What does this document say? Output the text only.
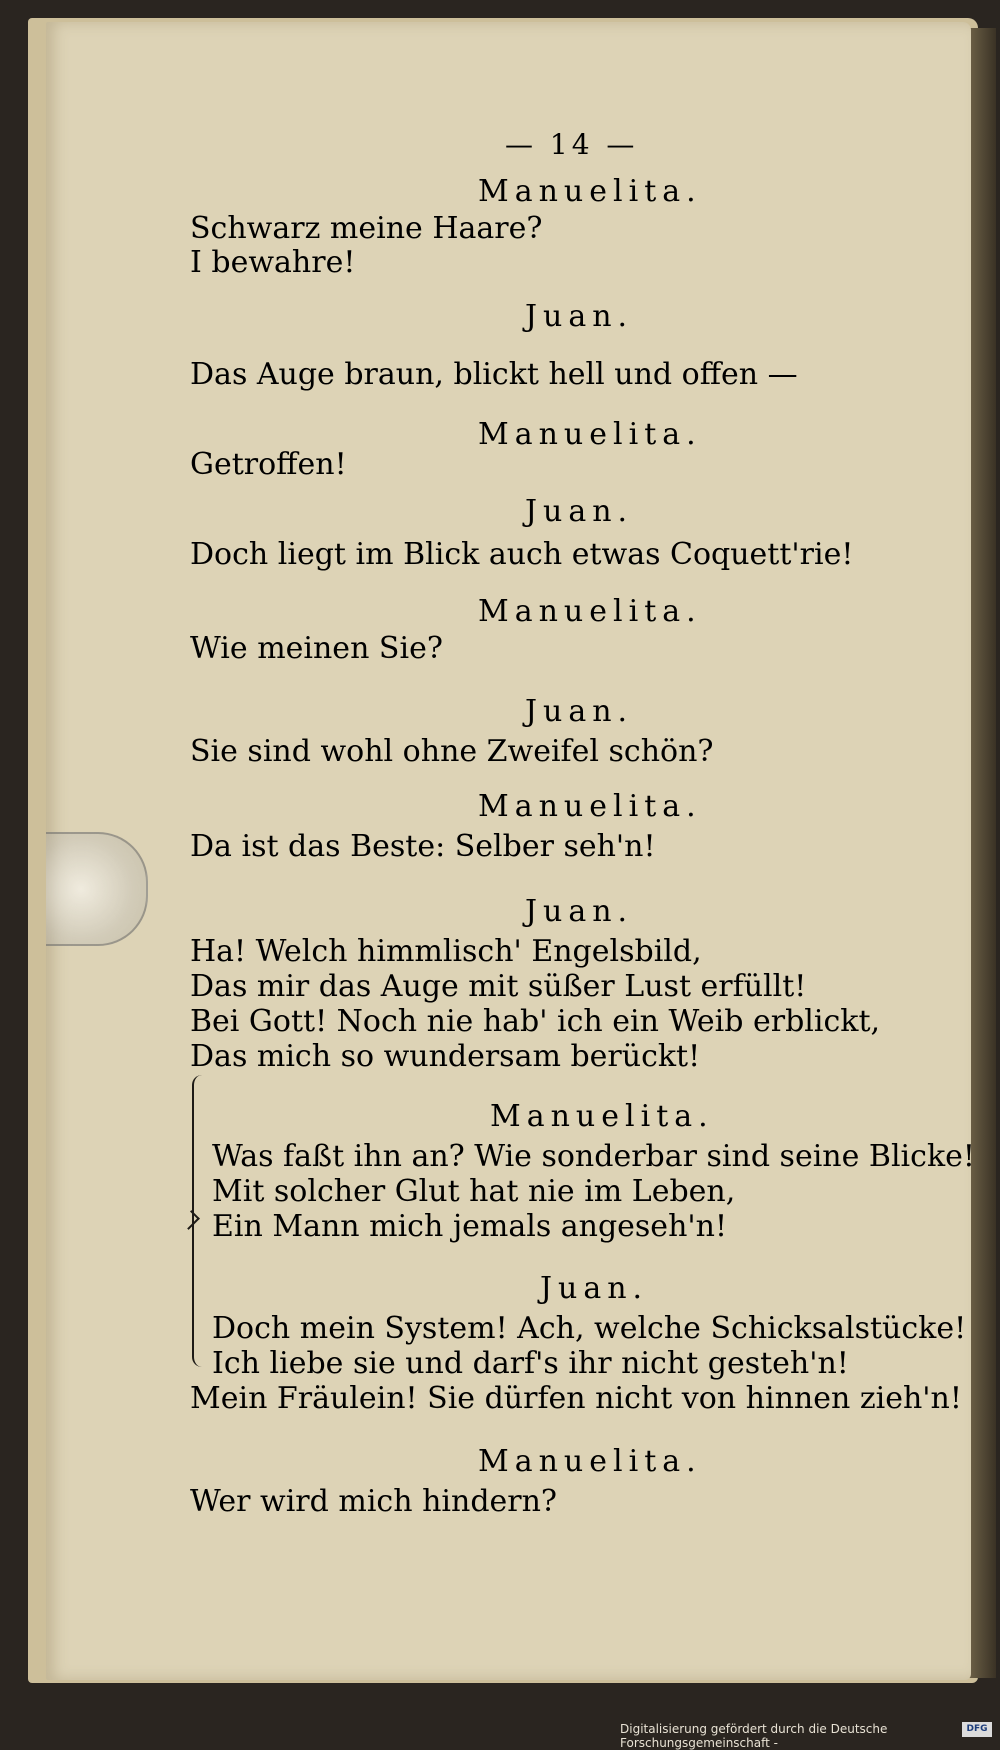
— 14 —
Manuelita.
Schwarz meine Haare?
I bewahre!
Juan.
Das Auge braun, blickt hell und offen —
Manuelita.
Getroffen!
Juan.
Doch liegt im Blick auch etwas Coquett'rie!
Manuelita.
Wie meinen Sie?
Juan.
Sie sind wohl ohne Zweifel schön?
Manuelita.
Da ist das Beste: Selber seh'n!
Juan.
Ha! Welch himmlisch' Engelsbild,
Das mir das Auge mit süßer Lust erfüllt!
Bei Gott! Noch nie hab' ich ein Weib erblickt,
Das mich so wundersam berückt!
Manuelita.
Was faßt ihn an? Wie sonderbar sind seine Blicke!
Mit solcher Glut hat nie im Leben,
Ein Mann mich jemals angeseh'n!
Juan.
Doch mein System! Ach, welche Schicksalstücke!
Ich liebe sie und darf's ihr nicht gesteh'n!
Mein Fräulein! Sie dürfen nicht von hinnen zieh'n!
Manuelita.
Wer wird mich hindern?
Digitalisierung gefördert durch die Deutsche Forschungsgemeinschaft -
DFG
